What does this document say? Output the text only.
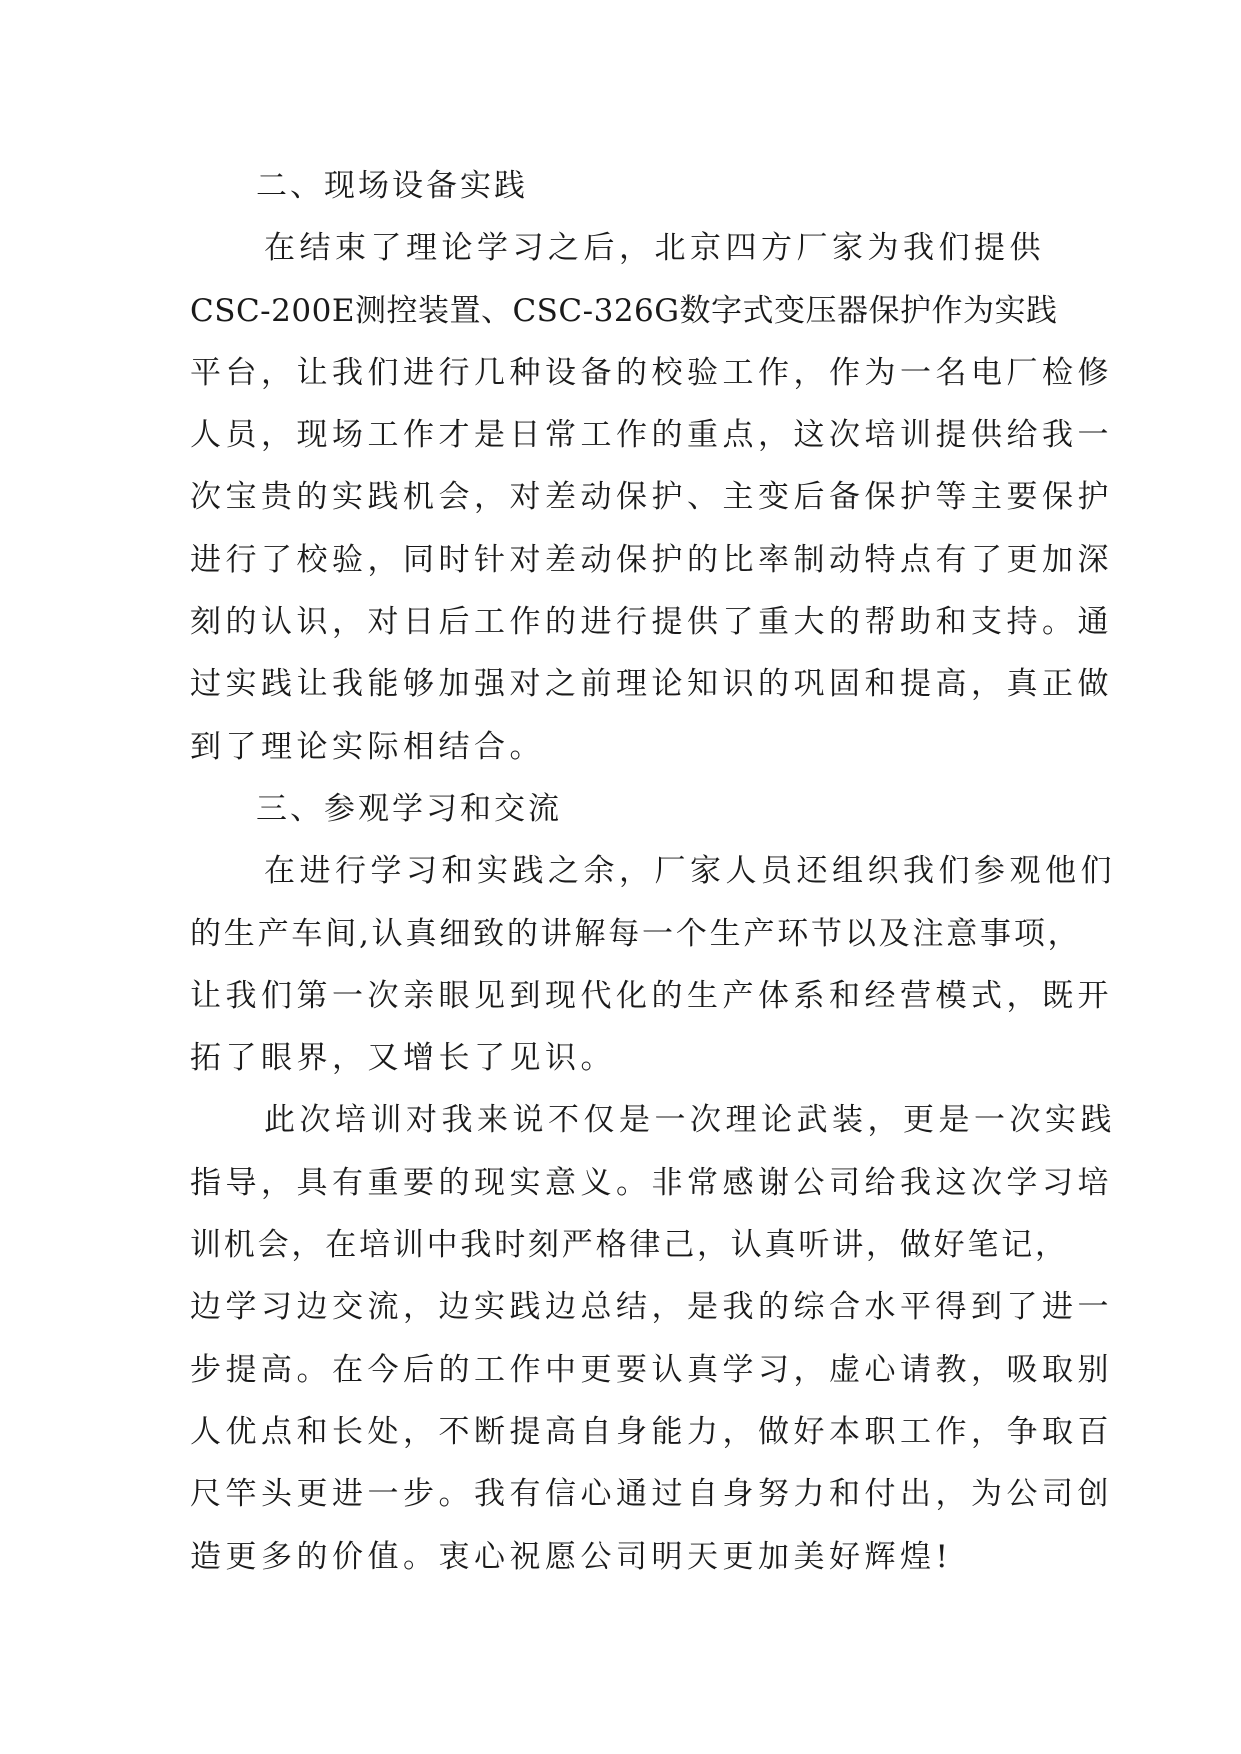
二、现场设备实践
在结束了理论学习之后，北京四方厂家为我们提供
CSC-200E测控装置、CSC-326G数字式变压器保护作为实践
平台，让我们进行几种设备的校验工作，作为一名电厂检修
人员，现场工作才是日常工作的重点，这次培训提供给我一
次宝贵的实践机会，对差动保护、主变后备保护等主要保护
进行了校验，同时针对差动保护的比率制动特点有了更加深
刻的认识，对日后工作的进行提供了重大的帮助和支持。通
过实践让我能够加强对之前理论知识的巩固和提高，真正做
到了理论实际相结合。
三、参观学习和交流
在进行学习和实践之余，厂家人员还组织我们参观他们
的生产车间,认真细致的讲解每一个生产环节以及注意事项，
让我们第一次亲眼见到现代化的生产体系和经营模式，既开
拓了眼界，又增长了见识。
此次培训对我来说不仅是一次理论武装，更是一次实践
指导，具有重要的现实意义。非常感谢公司给我这次学习培
训机会，在培训中我时刻严格律己，认真听讲，做好笔记，
边学习边交流，边实践边总结，是我的综合水平得到了进一
步提高。在今后的工作中更要认真学习，虚心请教，吸取别
人优点和长处，不断提高自身能力，做好本职工作，争取百
尺竿头更进一步。我有信心通过自身努力和付出，为公司创
造更多的价值。衷心祝愿公司明天更加美好辉煌!
